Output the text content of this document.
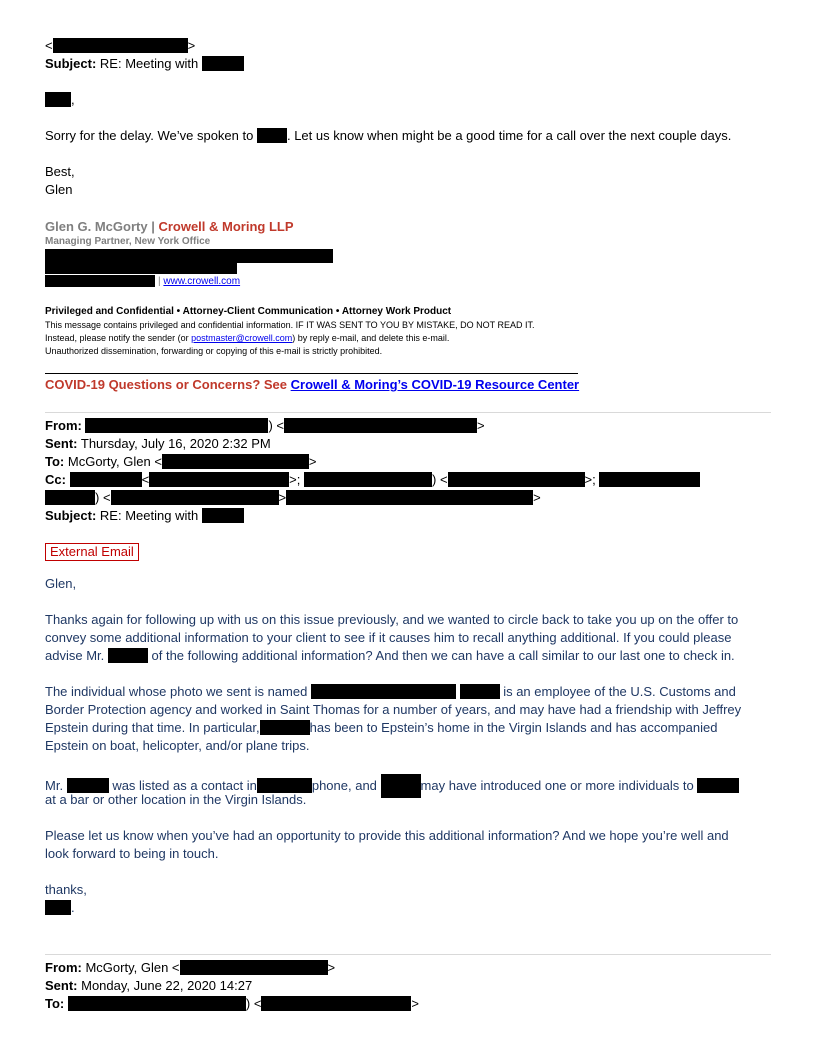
<	>
Subject: RE: Meeting with
,
Sorry for the delay. We’ve spoken to	. Let us know when might be a good time for a call over the next couple days.
Best,
Glen
Glen G. McGorty | Crowell & Moring LLP
Managing Partner, New York Office
| www.crowell.com
Privileged and Confidential • Attorney-Client Communication • Attorney Work Product
This message contains privileged and confidential information. IF IT WAS SENT TO YOU BY MISTAKE, DO NOT READ IT.
Instead, please notify the sender (or postmaster@crowell.com) by reply e-mail, and delete this e-mail.
Unauthorized dissemination, forwarding or copying of this e-mail is strictly prohibited.
COVID-19 Questions or Concerns? See Crowell & Moring’s COVID-19 Resource Center
From:	) <	>
Sent: Thursday, July 16, 2020 2:32 PM
To: McGorty, Glen <	>
Cc:	<	>;	) <	>;
) <	>	>
Subject: RE: Meeting with
External Email
Glen,
Thanks again for following up with us on this issue previously, and we wanted to circle back to take you up on the offer to
convey some additional information to your client to see if it causes him to recall anything additional. If you could please
advise Mr.	of the following additional information? And then we can have a call similar to our last one to check in.
The individual whose photo we sent is named	is an employee of the U.S. Customs and
Border Protection agency and worked in Saint Thomas for a number of years, and may have had a friendship with Jeffrey
Epstein during that time. In particular,	has been to Epstein’s home in the Virgin Islands and has accompanied
Epstein on boat, helicopter, and/or plane trips.
Mr.	was listed as a contact in	phone, and	may have introduced one or more individuals to
at a bar or other location in the Virgin Islands.
Please let us know when you’ve had an opportunity to provide this additional information? And we hope you’re well and
look forward to being in touch.
thanks,
.
From: McGorty, Glen <	>
Sent: Monday, June 22, 2020 14:27
To:	) <	>
